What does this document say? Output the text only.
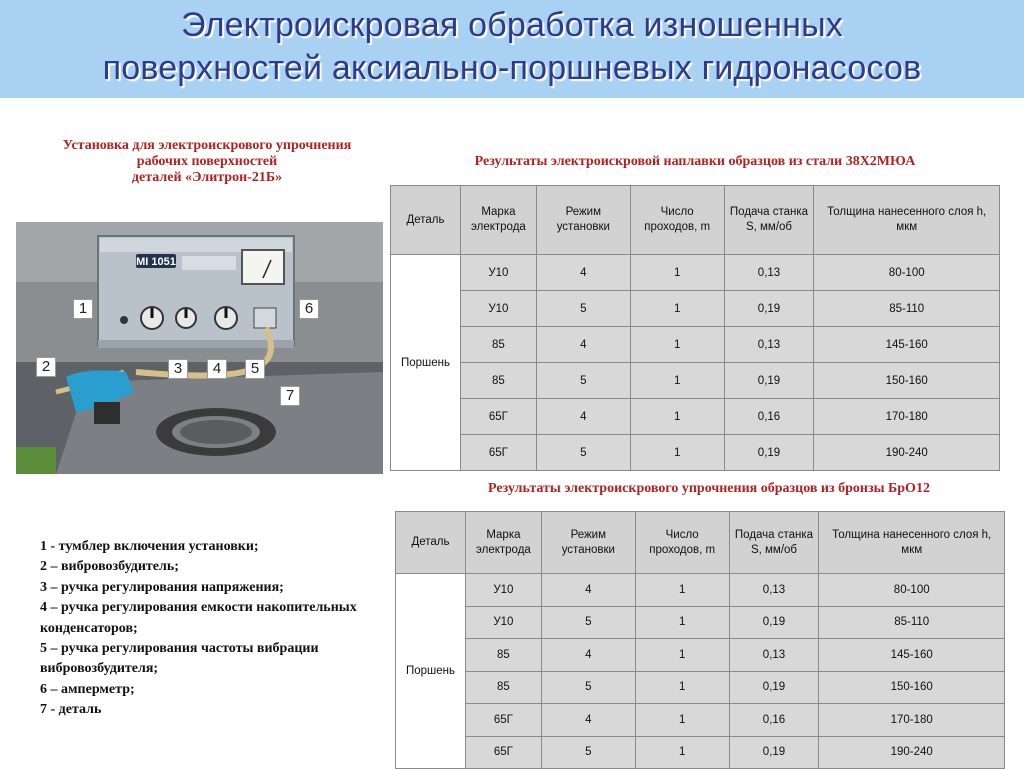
Электроискровая обработка изношенных
поверхностей аксиально-поршневых гидронасосов
Установка для электроискрового упрочнения
рабочих поверхностей
деталей «Элитрон-21Б»
MI 1051
1
2	3	4	5
6
7
1 - тумблер включения установки;
2 – вибровозбудитель;
3 – ручка регулирования напряжения;
4 – ручка регулирования емкости накопительных конденсаторов;
5 – ручка регулирования частоты вибрации вибровозбудителя;
6 – амперметр;
7 - деталь
Результаты электроискровой наплавки образцов из стали 38Х2МЮА
Деталь	Марка электрода	Режим установки	Число проходов, m	Подача станка S, мм/об	Толщина нанесенного слоя h, мкм
Поршень	У10	4	1	0,13	80-100
	У10	5	1	0,19	85-110
	85	4	1	0,13	145-160
	85	5	1	0,19	150-160
	65Г	4	1	0,16	170-180
	65Г	5	1	0,19	190-240
Результаты электроискрового упрочнения образцов из бронзы БрО12
Деталь	Марка электрода	Режим установки	Число проходов, m	Подача станка S, мм/об	Толщина нанесенного слоя h, мкм
Поршень	У10	4	1	0,13	80-100
	У10	5	1	0,19	85-110
	85	4	1	0,13	145-160
	85	5	1	0,19	150-160
	65Г	4	1	0,16	170-180
	65Г	5	1	0,19	190-240
